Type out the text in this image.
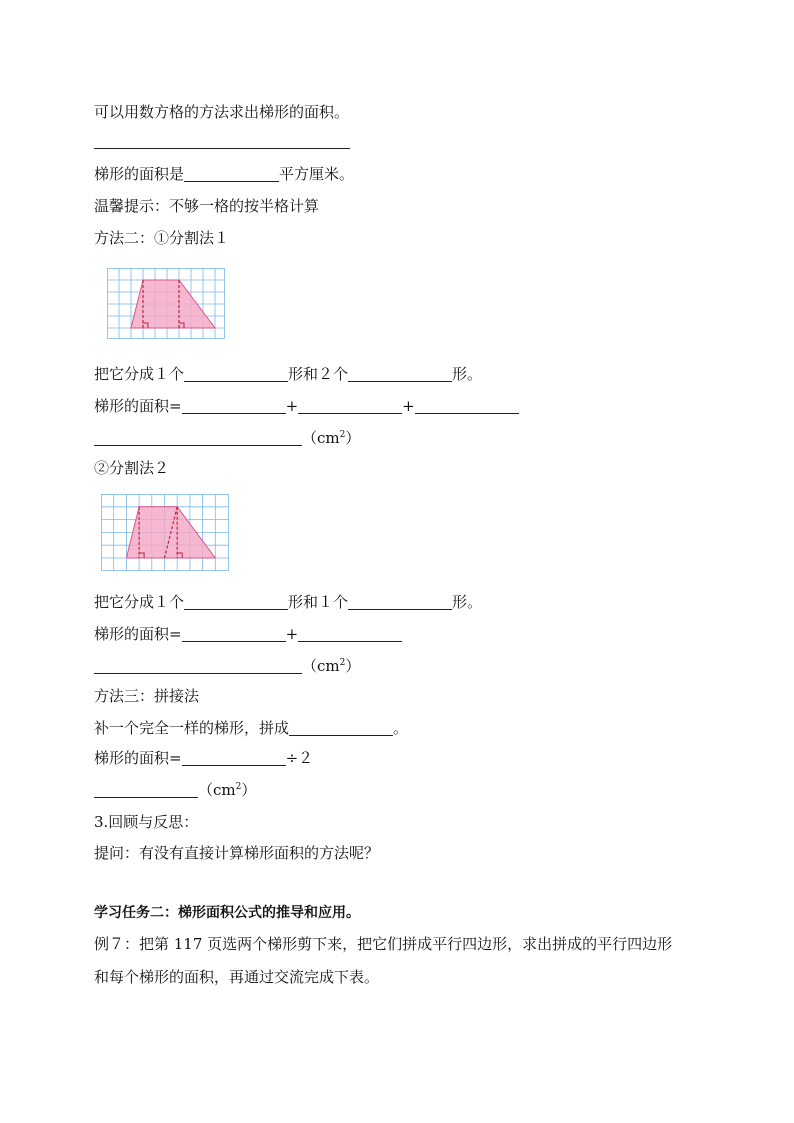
可以用数方格的方法求出梯形的面积。
梯形的面积是	平方厘米。
温馨提示：不够一格的按半格计算
方法二：①分割法１
把它分成１个	形和２个	形。
梯形的面积=	+	+
$(cm^2)$
②分割法２
把它分成１个	形和１个	形。
梯形的面积=	+
$(cm^2)$
方法三：拼接法
补一个完全一样的梯形，拼成	。
梯形的面积=	÷２
$(cm^2)$
3.回顾与反思：
提问：有没有直接计算梯形面积的方法呢？
学习任务二：梯形面积公式的推导和应用。
例７：把第 117 页选两个梯形剪下来，把它们拼成平行四边形，求出拼成的平行四边形
和每个梯形的面积，再通过交流完成下表。
